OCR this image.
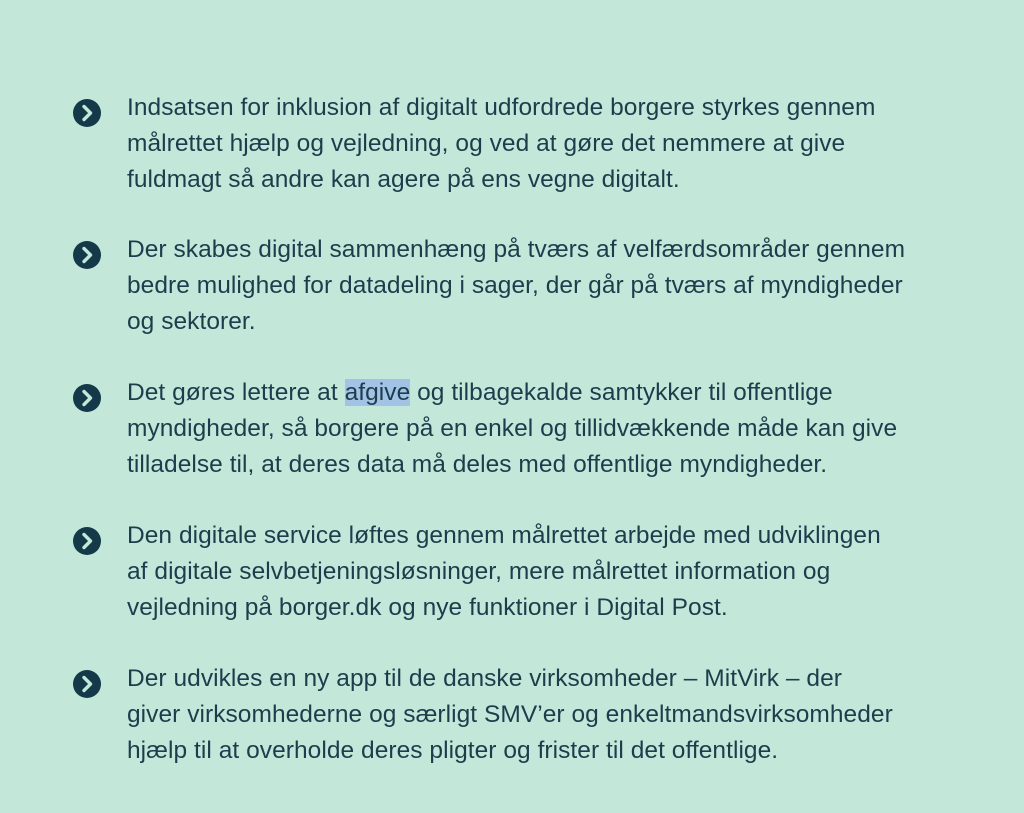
Indsatsen for inklusion af digitalt udfordrede borgere styrkes gennem
målrettet hjælp og vejledning, og ved at gøre det nemmere at give
fuldmagt så andre kan agere på ens vegne digitalt.

Der skabes digital sammenhæng på tværs af velfærdsområder gennem
bedre mulighed for datadeling i sager, der går på tværs af myndigheder
og sektorer.

Det gøres lettere at afgive og tilbagekalde samtykker til offentlige
myndigheder, så borgere på en enkel og tillidvækkende måde kan give
tilladelse til, at deres data må deles med offentlige myndigheder.

Den digitale service løftes gennem målrettet arbejde med udviklingen
af digitale selvbetjeningsløsninger, mere målrettet information og
vejledning på borger.dk og nye funktioner i Digital Post.

Der udvikles en ny app til de danske virksomheder – MitVirk – der
giver virksomhederne og særligt SMV’er og enkeltmandsvirksomheder
hjælp til at overholde deres pligter og frister til det offentlige.
